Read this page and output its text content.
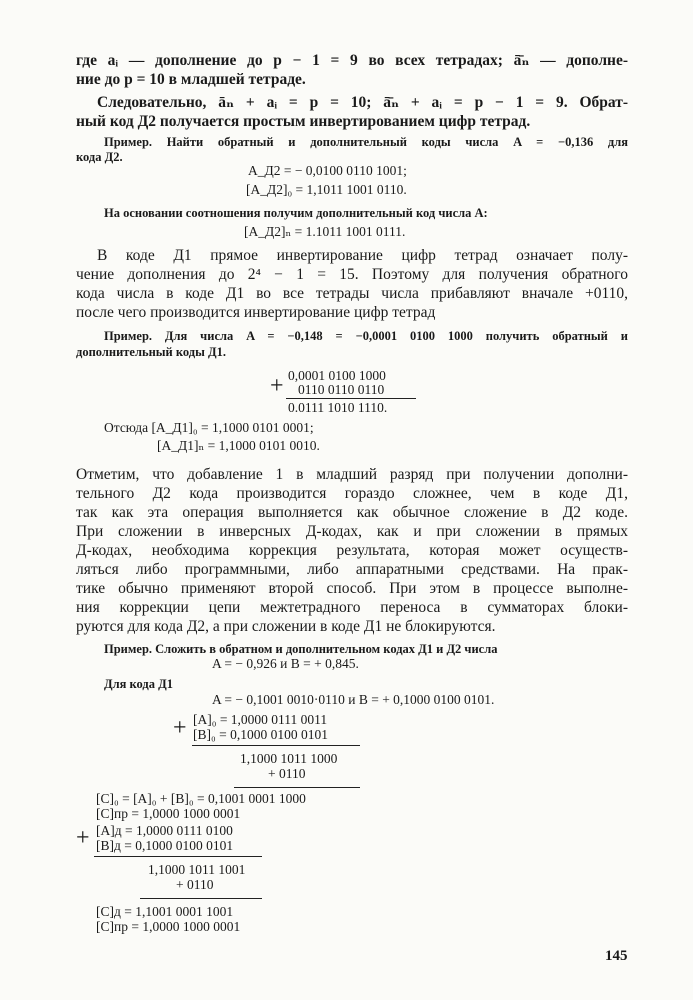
где aᵢ — дополнение до p − 1 = 9 во всех тетрадах; ā̄ₙ — дополне-
ние до p = 10 в младшей тетраде.
Следовательно, āₙ + aᵢ = p = 10; ā̄ₙ + aᵢ = p − 1 = 9. Обрат-
ный код Д2 получается простым инвертированием цифр тетрад.
Пример. Найти обратный и дополнительный коды числа A = −0,136 для
кода Д2.
A_Д2 = − 0,0100 0110 1001;
[A_Д2]₀ = 1,1011 1001 0110.
На основании соотношения получим дополнительный код числа A:
[A_Д2]ₙ = 1.1011 1001 0111.
В коде Д1 прямое инвертирование цифр тетрад означает полу-
чение дополнения до 2⁴ − 1 = 15. Поэтому для получения обратного
кода числа в коде Д1 во все тетрады числа прибавляют вначале +0110,
после чего производится инвертирование цифр тетрад
Пример. Для числа A = −0,148 = −0,0001 0100 1000 получить обратный и
дополнительный коды Д1.
+ 0,0001 0100 1000
0110 0110 0110
0.0111 1010 1110.
Отсюда [A_Д1]₀ = 1,1000 0101 0001;
[A_Д1]ₙ = 1,1000 0101 0010.
Отметим, что добавление 1 в младший разряд при получении дополни-
тельного Д2 кода производится гораздо сложнее, чем в коде Д1,
так как эта операция выполняется как обычное сложение в Д2 коде.
При сложении в инверсных Д-кодах, как и при сложении в прямых
Д-кодах, необходима коррекция результата, которая может осуществ-
ляться либо программными, либо аппаратными средствами. На прак-
тике обычно применяют второй способ. При этом в процессе выполне-
ния коррекции цепи межтетрадного переноса в сумматорах блоки-
руются для кода Д2, а при сложении в коде Д1 не блокируются.
Пример. Сложить в обратном и дополнительном кодах Д1 и Д2 числа
A = − 0,926 и B = + 0,845.
Для кода Д1
A = − 0,1001 0010·0110 и B = + 0,1000 0100 0101.
+ [A]₀ = 1,0000 0111 0011
[B]₀ = 0,1000 0100 0101
1,1000 1011 1000
+ 0110
[C]₀ = [A]₀ + [B]₀ = 0,1001 0001 1000
[C]пр = 1,0000 1000 0001
+ [A]д = 1,0000 0111 0100
[B]д = 0,1000 0100 0101
1,1000 1011 1001
+ 0110
[C]д = 1,1001 0001 1001
[C]пр = 1,0000 1000 0001
145
